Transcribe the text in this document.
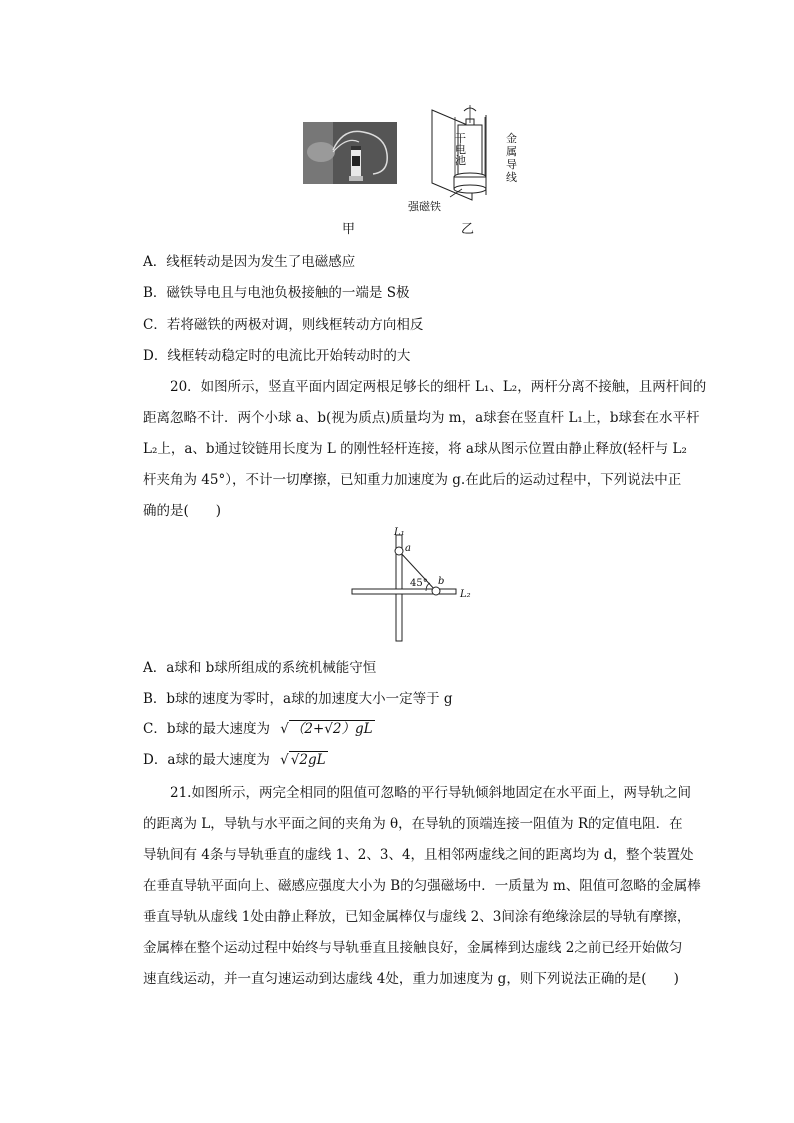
干
电
池
金
属
导
线
强磁铁
甲	乙
A．线框转动是因为发生了电磁感应
B．磁铁导电且与电池负极接触的一端是 S极
C．若将磁铁的两极对调，则线框转动方向相反
D．线框转动稳定时的电流比开始转动时的大
20．如图所示，竖直平面内固定两根足够长的细杆 L₁、L₂，两杆分离不接触，且两杆间的
距离忽略不计．两个小球 a、b(视为质点)质量均为 m，a球套在竖直杆 L₁上，b球套在水平杆
L₂上，a、b通过铰链用长度为 L 的刚性轻杆连接，将 a球从图示位置由静止释放(轻杆与 L₂
杆夹角为 45°），不计一切摩擦，已知重力加速度为 g.在此后的运动过程中，下列说法中正
确的是(　　)
L₁
a
45° b
L₂
A．a球和 b球所组成的系统机械能守恒
B．b球的速度为零时，a球的加速度大小一定等于 g
C．b球的最大速度为 √ （2+√2）gL
D．a球的最大速度为 √ √2gL
21.如图所示，两完全相同的阻值可忽略的平行导轨倾斜地固定在水平面上，两导轨之间
的距离为 L，导轨与水平面之间的夹角为 θ，在导轨的顶端连接一阻值为 R的定值电阻．在
导轨间有 4条与导轨垂直的虚线 1、2、3、4，且相邻两虚线之间的距离均为 d，整个装置处
在垂直导轨平面向上、磁感应强度大小为 B的匀强磁场中．一质量为 m、阻值可忽略的金属棒
垂直导轨从虚线 1处由静止释放，已知金属棒仅与虚线 2、3间涂有绝缘涂层的导轨有摩擦，
金属棒在整个运动过程中始终与导轨垂直且接触良好，金属棒到达虚线 2之前已经开始做匀
速直线运动，并一直匀速运动到达虚线 4处，重力加速度为 g，则下列说法正确的是(　　)
